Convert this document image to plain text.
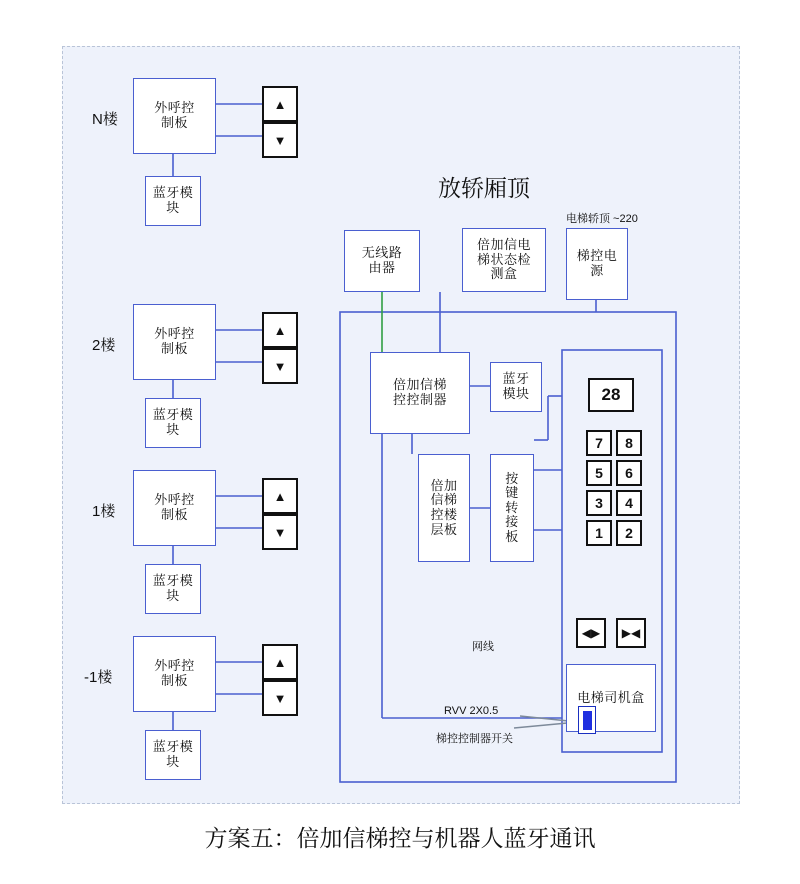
N楼
外呼控制板
▲
▼
蓝牙模块
2楼
外呼控制板
▲
▼
蓝牙模块
1楼
外呼控制板
▲
▼
蓝牙模块
-1楼
外呼控制板
▲
▼
蓝牙模块
放轿厢顶
电梯轿顶 ~220
无线路由器
倍加信电梯状态检测盒
梯控电源
倍加信梯控控制器
蓝牙模块
倍加信梯控楼层板
按键转接板
网线
RVV 2X0.5
梯控控制器开关
28
7	8
5	6
3	4
1	2
◀▶	▶◀
电梯司机盒
方案五：倍加信梯控与机器人蓝牙通讯
